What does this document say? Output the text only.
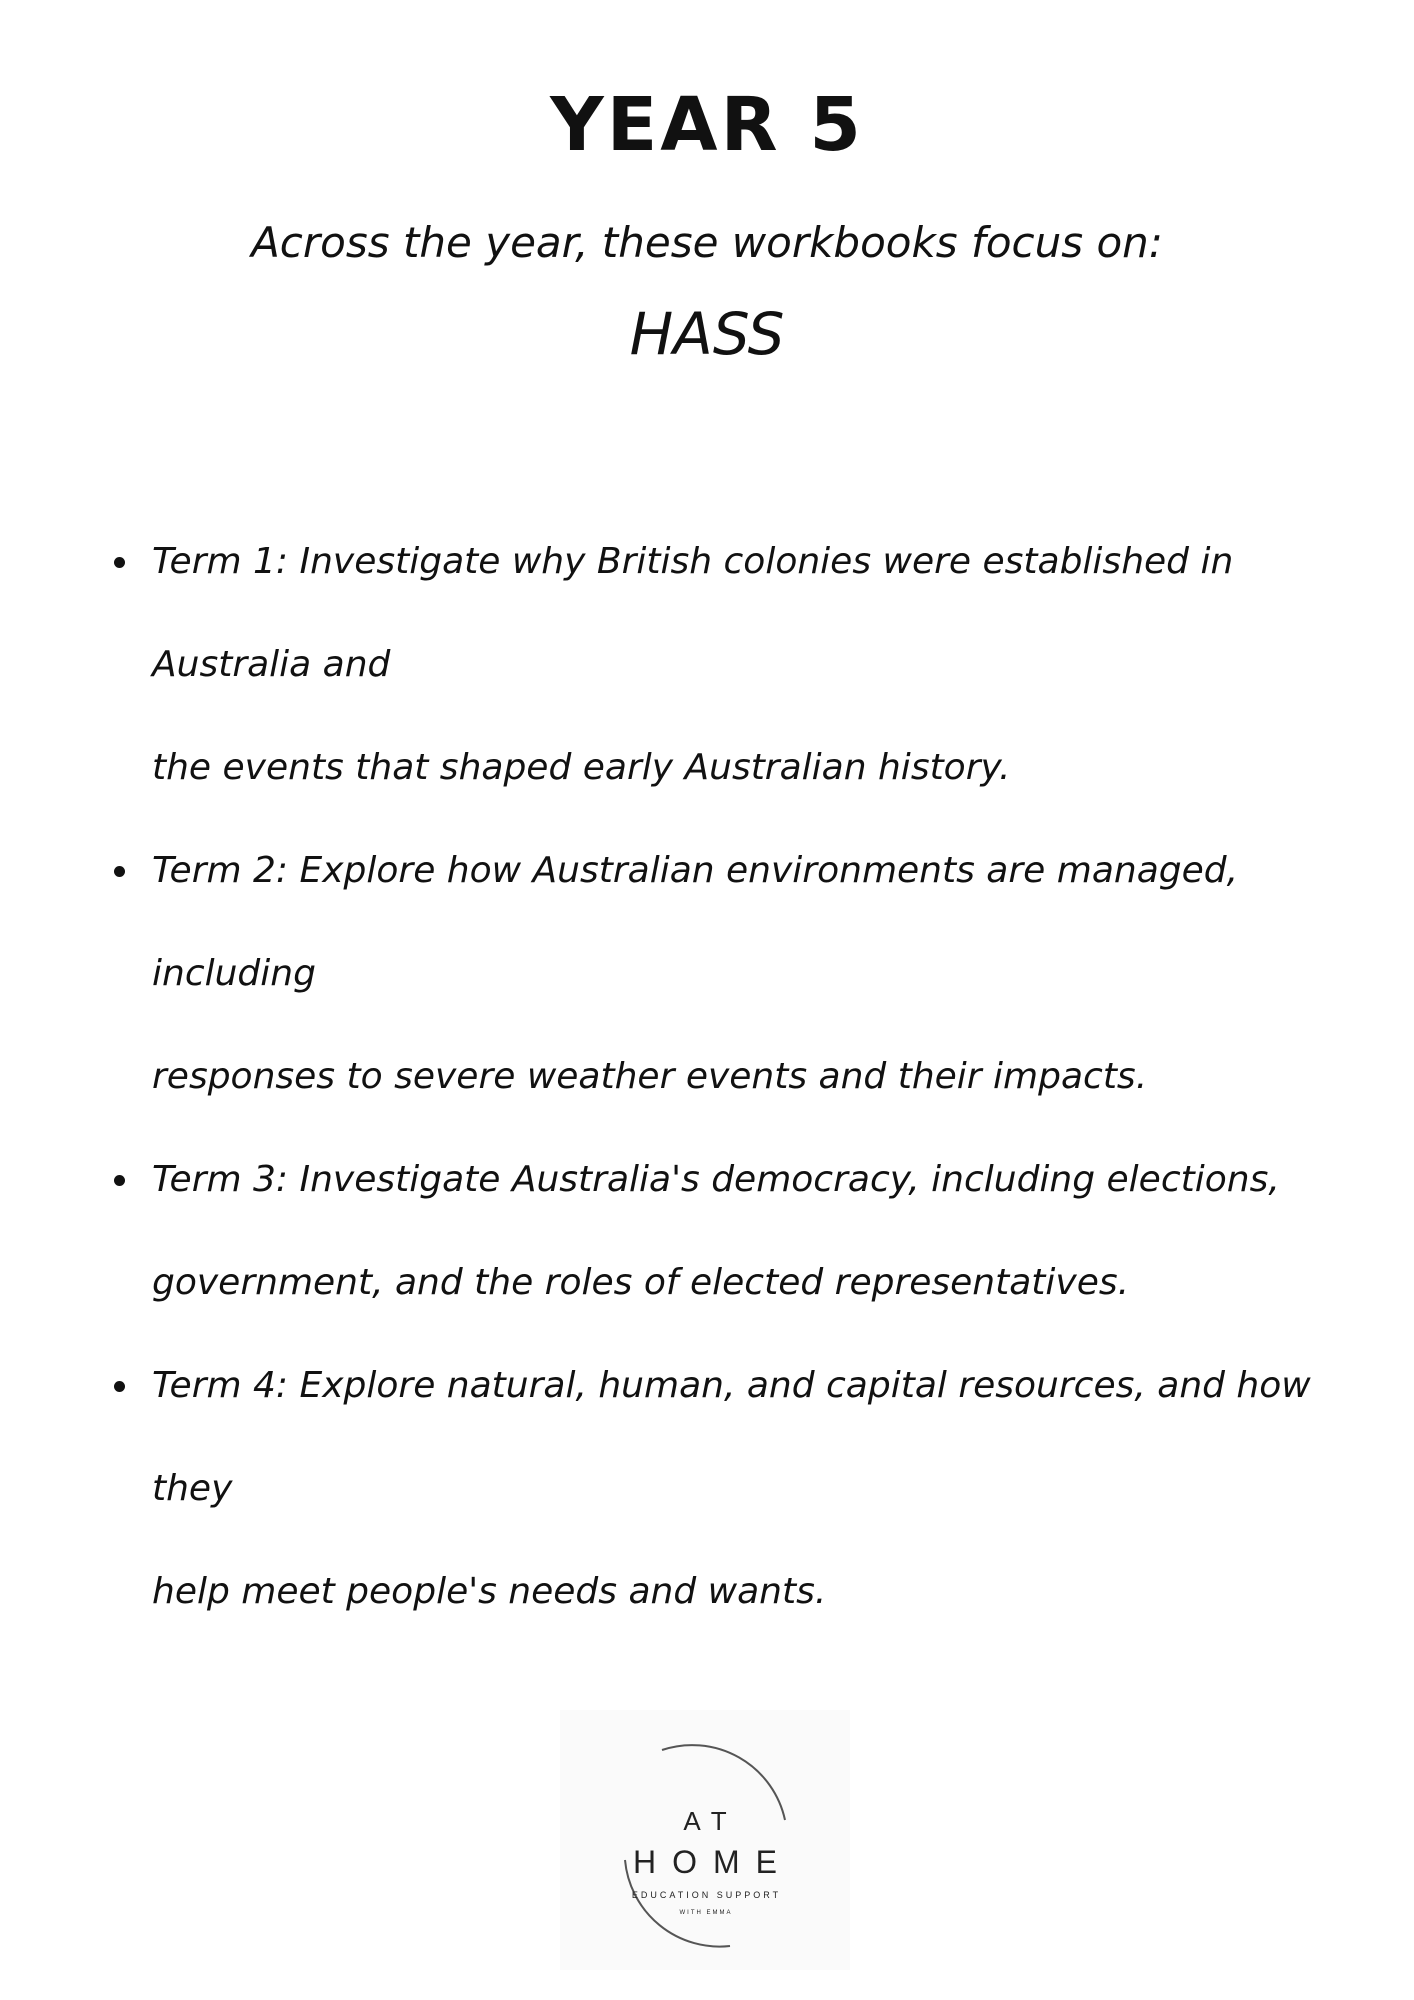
YEAR 5

Across the year, these workbooks focus on:

HASS

Term 1: Investigate why British colonies were established in Australia and
the events that shaped early Australian history.
Term 2: Explore how Australian environments are managed, including
responses to severe weather events and their impacts.
Term 3: Investigate Australia's democracy, including elections,
government, and the roles of elected representatives.
Term 4: Explore natural, human, and capital resources, and how they
help meet people's needs and wants.
AT
HOME
EDUCATION SUPPORT
WITH EMMA
